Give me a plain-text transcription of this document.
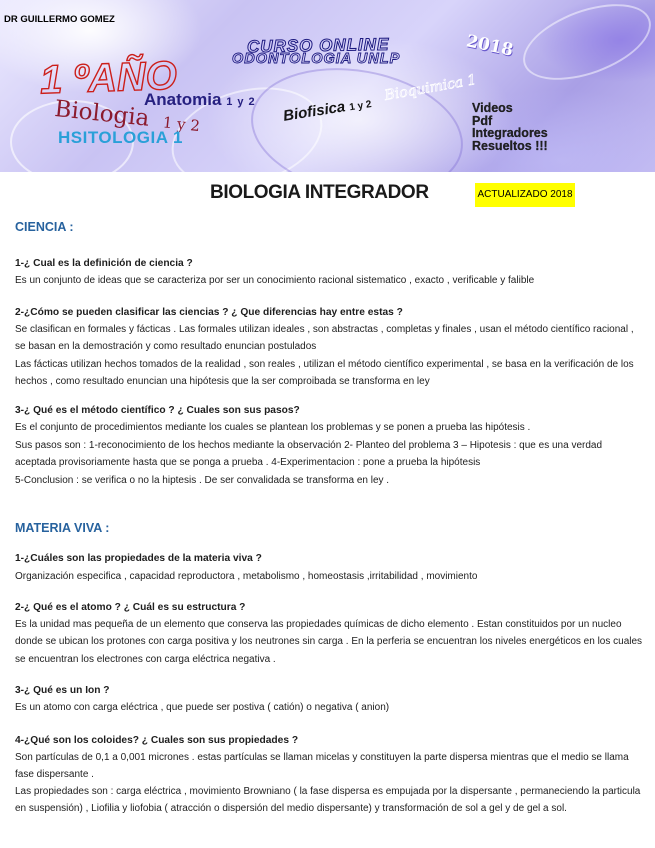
DR GUILLERMO GOMEZ
CURSO ONLINE
ODONTOLOGIA UNLP	2018
1 ºAÑO
Anatomia 1 y 2	Bioquimica 1
Biologia 1 y 2
HSITOLOGIA 1
Biofisica 1 y 2	Videos
Pdf
Integradores
Resueltos !!!
BIOLOGIA INTEGRADOR	ACTUALIZADO 2018
CIENCIA :
1-¿ Cual es la definición de ciencia ?
Es un conjunto de ideas que se caracteriza por ser un conocimiento racional sistematico , exacto , verificable y falible
2-¿Cómo se pueden clasificar las ciencias ? ¿ Que diferencias hay entre estas ?
Se clasifican en formales y fácticas . Las formales utilizan ideales , son abstractas , completas y finales , usan el método científico racional , se basan en la demostración y como resultado enuncian postulados
Las fácticas utilizan hechos tomados de la realidad , son reales , utilizan el método científico experimental , se basa en la verificación de los hechos , como resultado enuncian una hipótesis que la ser comproibada se transforma en ley
3-¿ Qué es el método científico ? ¿ Cuales son sus pasos?
Es el conjunto de procedimientos mediante los cuales se plantean los problemas y se ponen a prueba las hipótesis .
Sus pasos son : 1-reconocimiento de los hechos mediante la observación 2- Planteo del problema 3 – Hipotesis : que es una verdad aceptada provisoriamente hasta que se ponga a prueba . 4-Experimentacion : pone a prueba la hipótesis
5-Conclusion : se verifica o no la hiptesis . De ser convalidada se transforma en ley .
MATERIA VIVA :
1-¿Cuáles son las propiedades de la materia viva ?
Organización especifica , capacidad reproductora , metabolismo , homeostasis ,irritabilidad , movimiento
2-¿ Qué es el atomo ? ¿ Cuál es su estructura ?
Es la unidad mas pequeña de un elemento que conserva las propiedades químicas de dicho elemento . Estan constituidos por un nucleo donde se ubican los protones con carga positiva y los neutrones sin carga . En la perferia se encuentran los niveles energéticos en los cuales se encuentran los electrones con carga eléctrica negativa .
3-¿ Qué es un Ion ?
Es un atomo con carga eléctrica , que puede ser postiva ( catión) o negativa ( anion)
4-¿Qué son los coloides? ¿ Cuales son sus propiedades ?
Son partículas de 0,1 a 0,001 micrones . estas partículas se llaman micelas y constituyen la parte dispersa mientras que el medio se llama fase dispersante .
Las propiedades son : carga eléctrica , movimiento Browniano ( la fase dispersa es empujada por la dispersante , permaneciendo la particula en suspensión) , Liofilia y liofobia ( atracción o dispersión del medio dispersante) y transformación de sol a gel y de gel a sol.
